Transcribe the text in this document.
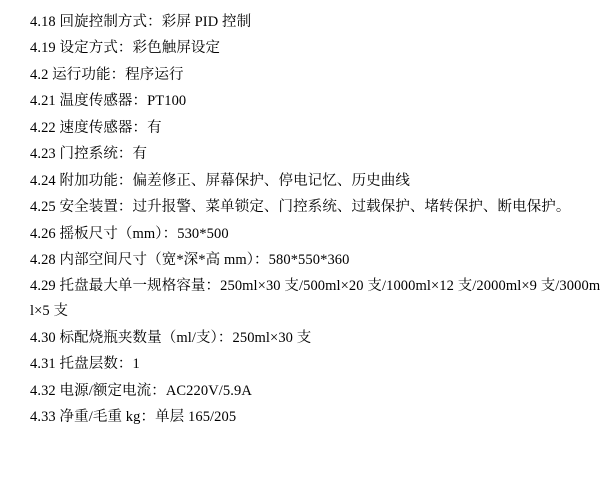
4.18 回旋控制方式：彩屏 PID 控制
4.19 设定方式：彩色触屏设定
4.2 运行功能：程序运行
4.21 温度传感器：PT100
4.22 速度传感器：有
4.23 门控系统：有
4.24 附加功能：偏差修正、屏幕保护、停电记忆、历史曲线
4.25 安全装置：过升报警、菜单锁定、门控系统、过载保护、堵转保护、断电保护。
4.26 摇板尺寸（mm）：530*500
4.28 内部空间尺寸（宽*深*高 mm）：580*550*360
4.29 托盘最大单一规格容量：250ml×30 支/500ml×20 支/1000ml×12 支/2000ml×9 支/3000ml×5 支
4.30 标配烧瓶夹数量（ml/支）：250ml×30 支
4.31 托盘层数：1
4.32 电源/额定电流：AC220V/5.9A
4.33 净重/毛重 kg：单层 165/205
